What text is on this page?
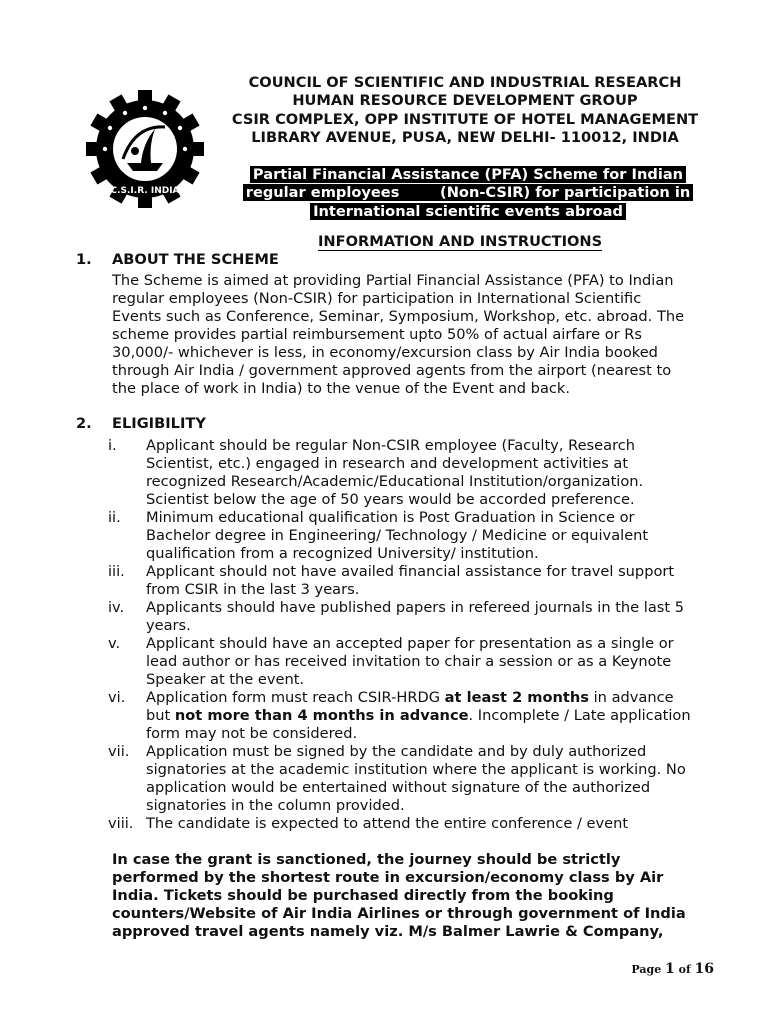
C.S.I.R. INDIA
COUNCIL OF SCIENTIFIC AND INDUSTRIAL RESEARCH
HUMAN RESOURCE DEVELOPMENT GROUP
CSIR COMPLEX, OPP INSTITUTE OF HOTEL MANAGEMENT
LIBRARY AVENUE, PUSA, NEW DELHI- 110012, INDIA
Partial Financial Assistance (PFA) Scheme for Indian
regular employees        (Non-CSIR) for participation in
International scientific events abroad
INFORMATION AND INSTRUCTIONS
1. ABOUT THE SCHEME

The Scheme is aimed at providing Partial Financial Assistance (PFA) to Indian

regular employees (Non-CSIR) for participation in International Scientific

Events such as Conference, Seminar, Symposium, Workshop, etc. abroad. The

scheme provides partial reimbursement upto 50% of actual airfare or Rs

30,000/- whichever is less, in economy/excursion class by Air India booked

through Air India / government approved agents from the airport (nearest to

the place of work in India) to the venue of the Event and back.

2. ELIGIBILITY
i.	Applicant should be regular Non-CSIR employee (Faculty, Research
Scientist, etc.) engaged in research and development activities at
recognized Research/Academic/Educational Institution/organization.
Scientist below the age of 50 years would be accorded preference.
ii.	Minimum educational qualification is Post Graduation in Science or
Bachelor degree in Engineering/ Technology / Medicine or equivalent
qualification from a recognized University/ institution.
iii.	Applicant should not have availed financial assistance for travel support
from CSIR in the last 3 years.
iv.	Applicants should have published papers in refereed journals in the last 5
years.
v.	Applicant should have an accepted paper for presentation as a single or
lead author or has received invitation to chair a session or as a Keynote
Speaker at the event.
vi.	Application form must reach CSIR-HRDG at least 2 months in advance
but not more than 4 months in advance. Incomplete / Late application
form may not be considered.
vii.	Application must be signed by the candidate and by duly authorized
signatories at the academic institution where the applicant is working. No
application would be entertained without signature of the authorized
signatories in the column provided.
viii. The candidate is expected to attend the entire conference / event

In case the grant is sanctioned, the journey should be strictly

performed by the shortest route in excursion/economy class by Air

India. Tickets should be purchased directly from the booking

counters/Website of Air India Airlines or through government of India

approved travel agents namely viz. M/s Balmer Lawrie & Company,

Page 1 of 16
